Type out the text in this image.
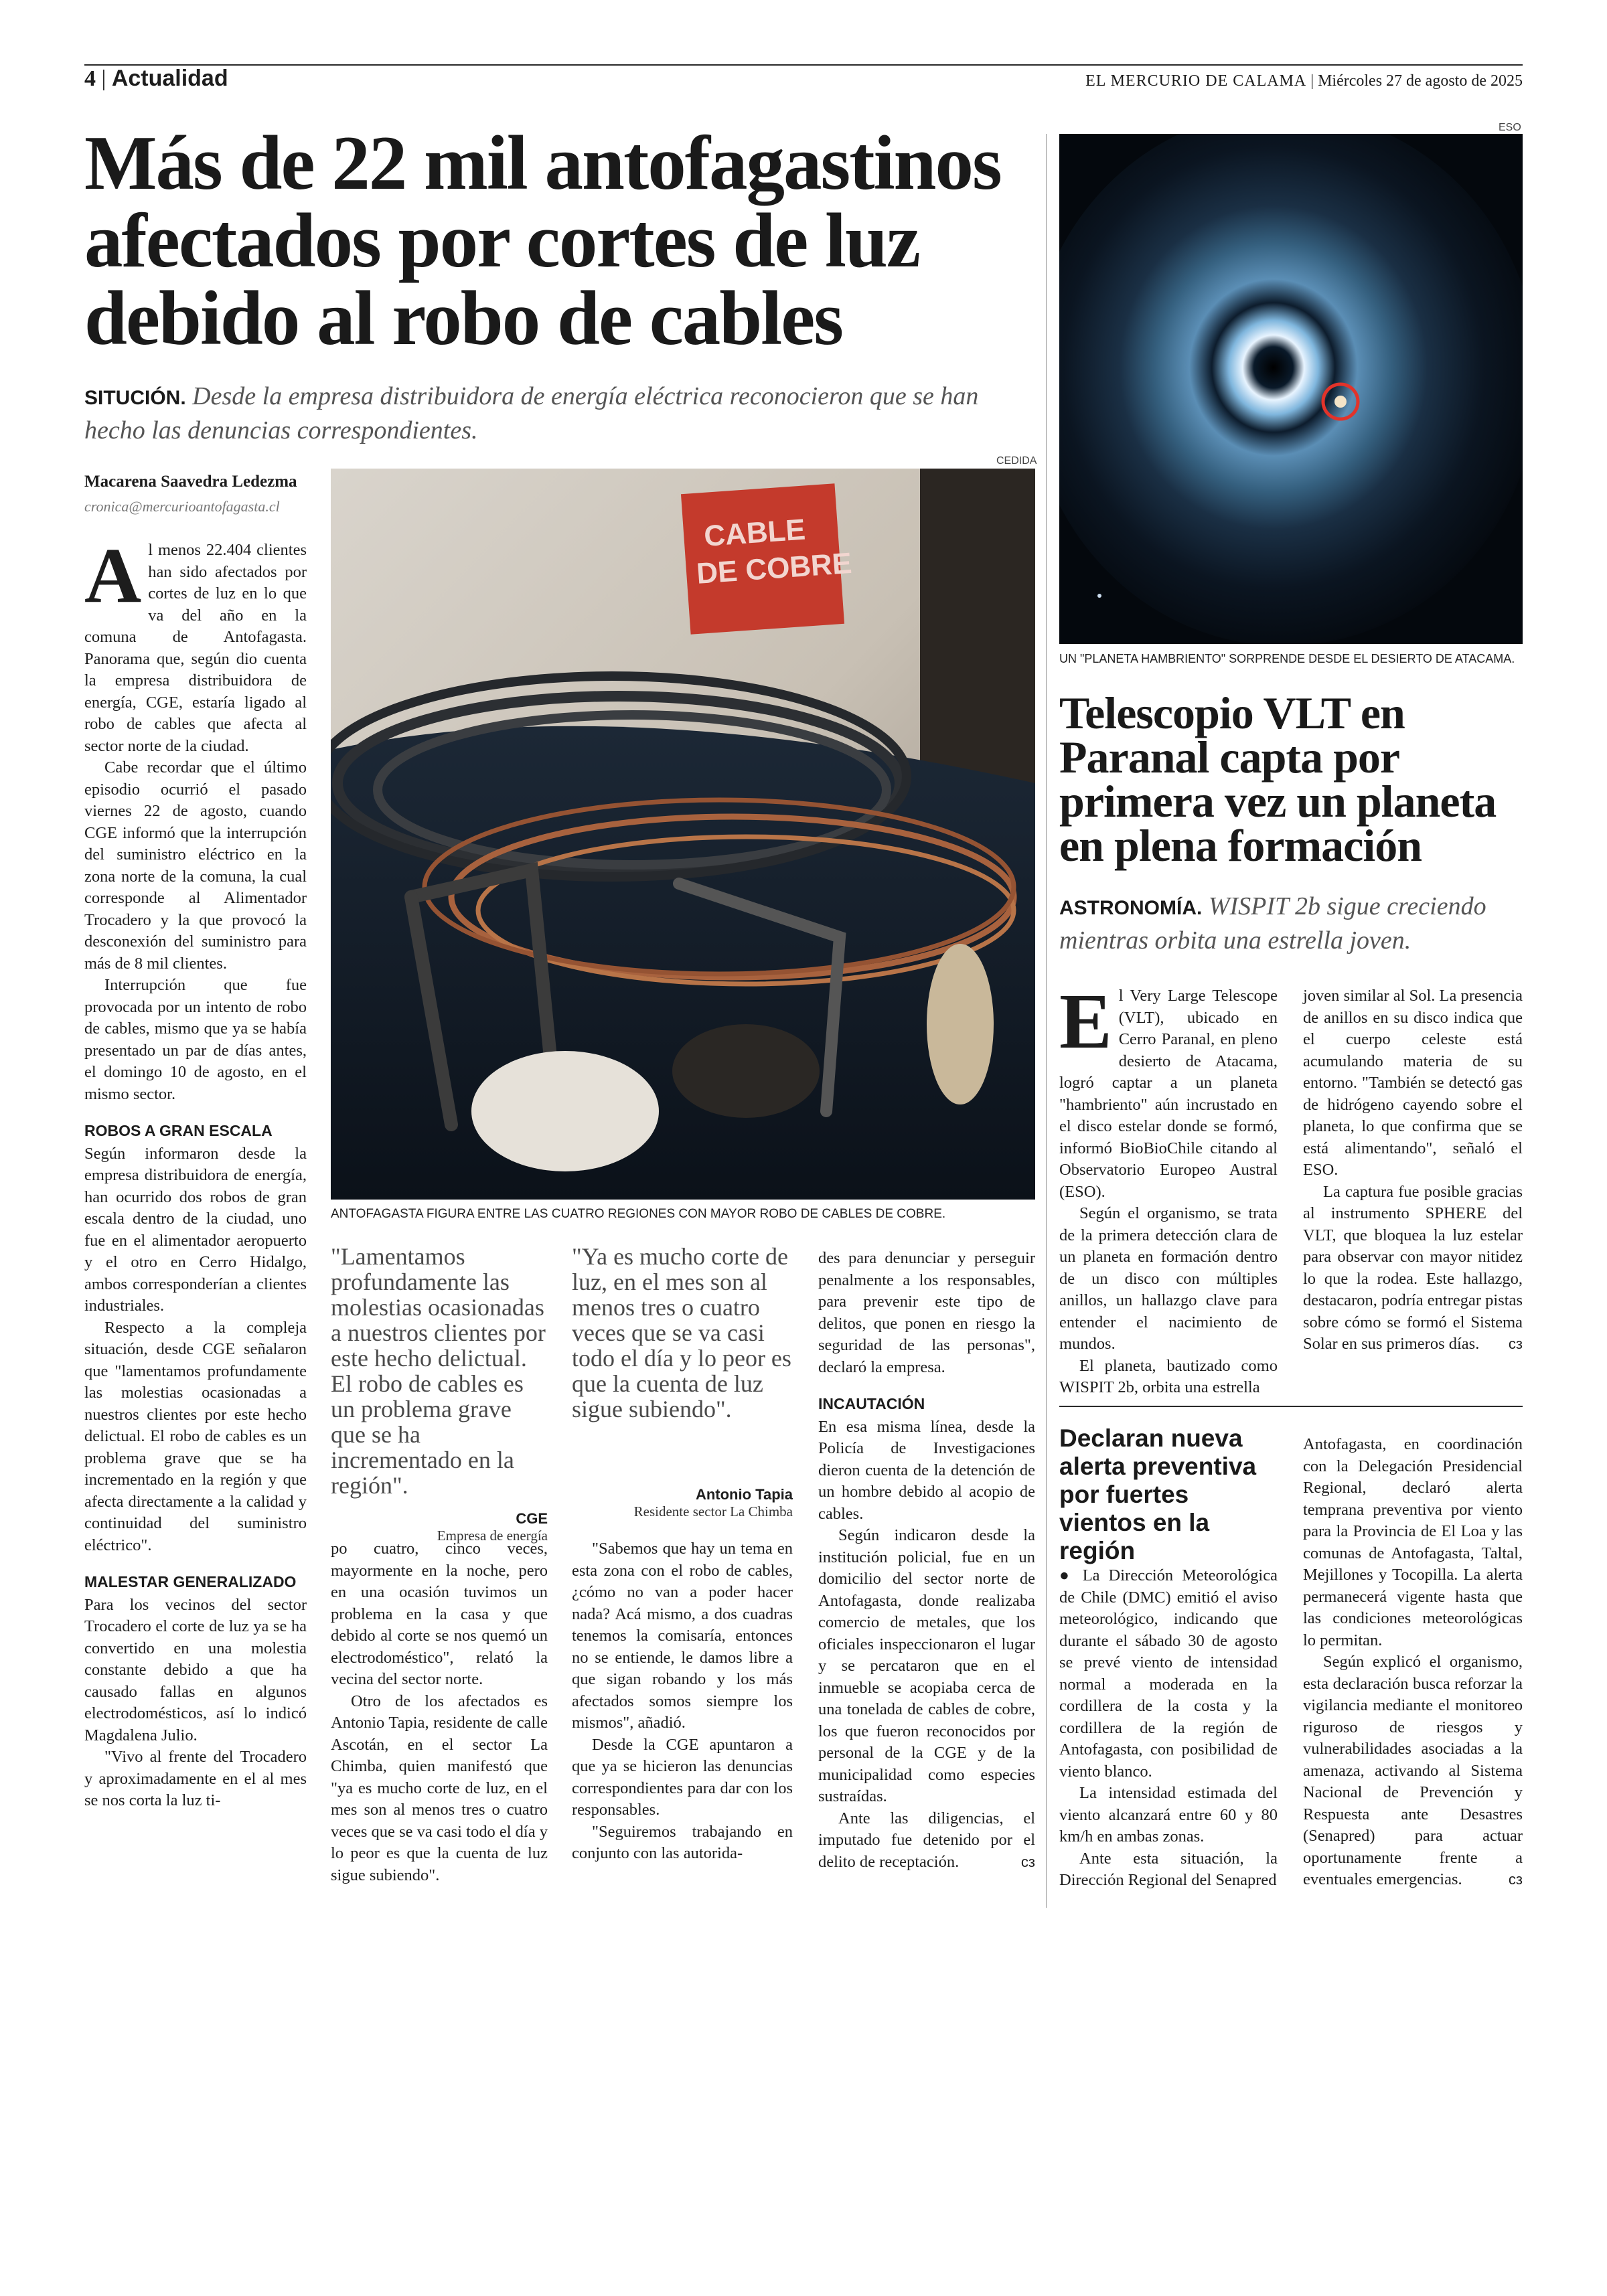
4 | Actualidad	EL MERCURIO DE CALAMA | Miércoles 27 de agosto de 2025
Más de 22 mil antofagastinos afectados por cortes de luz debido al robo de cables
SITUCIÓN. Desde la empresa distribuidora de energía eléctrica reconocieron que se han hecho las denuncias correspondientes.
Macarena Saavedra Ledezma
cronica@mercurioantofagasta.cl
CEDIDA
CABLE
DE COBRE
ANTOFAGASTA FIGURA ENTRE LAS CUATRO REGIONES CON MAYOR ROBO DE CABLES DE COBRE.

Al menos 22.404 clientes han sido afectados por cortes de luz en lo que va del año en la comuna de Antofagasta. Panorama que, según dio cuenta la empresa distribuidora de energía, CGE, estaría ligado al robo de cables que afecta al sector norte de la ciudad.

Cabe recordar que el último episodio ocurrió el pasado viernes 22 de agosto, cuando CGE informó que la interrupción del suministro eléctrico en la zona norte de la comuna, la cual corresponde al Alimentador Trocadero y la que provocó la desconexión del suministro para más de 8 mil clientes.

Interrupción que fue provocada por un intento de robo de cables, mismo que ya se había presentado un par de días antes, el domingo 10 de agosto, en el mismo sector.

ROBOS A GRAN ESCALA

Según informaron desde la empresa distribuidora de energía, han ocurrido dos robos de gran escala dentro de la ciudad, uno fue en el alimentador aeropuerto y el otro en Cerro Hidalgo, ambos corresponderían a clientes industriales.

Respecto a la compleja situación, desde CGE señalaron que "lamentamos profundamente las molestias ocasionadas a nuestros clientes por este hecho delictual. El robo de cables es un problema grave que se ha incrementado en la región y que afecta directamente a la calidad y continuidad del suministro eléctrico".

MALESTAR GENERALIZADO

Para los vecinos del sector Trocadero el corte de luz ya se ha convertido en una molestia constante debido a que ha causado fallas en algunos electrodomésticos, así lo indicó Magdalena Julio.

"Vivo al frente del Trocadero y aproximadamente en el al mes se nos corta la luz ti-

"Lamentamos profundamente las molestias ocasionadas a nuestros clientes por este hecho delictual. El robo de cables es un problema grave que se ha incrementado en la región".
CGE
Empresa de energía
"Ya es mucho corte de luz, en el mes son al menos tres o cuatro veces que se va casi todo el día y lo peor es que la cuenta de luz sigue subiendo".
Antonio Tapia
Residente sector La Chimba

po cuatro, cinco veces, mayormente en la noche, pero en una ocasión tuvimos un problema en la casa y que debido al corte se nos quemó un electrodoméstico", relató la vecina del sector norte.

Otro de los afectados es Antonio Tapia, residente de calle Ascotán, en el sector La Chimba, quien manifestó que "ya es mucho corte de luz, en el mes son al menos tres o cuatro veces que se va casi todo el día y lo peor es que la cuenta de luz sigue subiendo".

"Sabemos que hay un tema en esta zona con el robo de cables, ¿cómo no van a poder hacer nada? Acá mismo, a dos cuadras tenemos la comisaría, entonces no se entiende, le damos libre a que sigan robando y los más afectados somos siempre los mismos", añadió.

Desde la CGE apuntaron a que ya se hicieron las denuncias correspondientes para dar con los responsables.

"Seguiremos trabajando en conjunto con las autorida-

des para denunciar y perseguir penalmente a los responsables, para prevenir este tipo de delitos, que ponen en riesgo la seguridad de las personas", declaró la empresa.

INCAUTACIÓN

En esa misma línea, desde la Policía de Investigaciones dieron cuenta de la detención de un hombre debido al acopio de cables.

Según indicaron desde la institución policial, fue en un domicilio del sector norte de Antofagasta, donde realizaba comercio de metales, que los oficiales inspeccionaron el lugar y se percataron que en el inmueble se acopiaba cerca de una tonelada de cables de cobre, los que fueron reconocidos por personal de la CGE y de la municipalidad como especies sustraídas.

Ante las diligencias, el imputado fue detenido por el delito de receptación.	cз

ESO
UN "PLANETA HAMBRIENTO" SORPRENDE DESDE EL DESIERTO DE ATACAMA.
Telescopio VLT en Paranal capta por primera vez un planeta en plena formación
ASTRONOMÍA. WISPIT 2b sigue creciendo mientras orbita una estrella joven.

El Very Large Telescope (VLT), ubicado en Cerro Paranal, en pleno desierto de Atacama, logró captar a un planeta "hambriento" aún incrustado en el disco estelar donde se formó, informó BioBioChile citando al Observatorio Europeo Austral (ESO).

Según el organismo, se trata de la primera detección clara de un planeta en formación dentro de un disco con múltiples anillos, un hallazgo clave para entender el nacimiento de mundos.

El planeta, bautizado como WISPIT 2b, orbita una estrella

joven similar al Sol. La presencia de anillos en su disco indica que el cuerpo celeste está acumulando materia de su entorno. "También se detectó gas de hidrógeno cayendo sobre el planeta, lo que confirma que se está alimentando", señaló el ESO.

La captura fue posible gracias al instrumento SPHERE del VLT, que bloquea la luz estelar para observar con mayor nitidez lo que la rodea. Este hallazgo, destacaron, podría entregar pistas sobre cómo se formó el Sistema Solar en sus primeros días.	cз

Declaran nueva alerta preventiva por fuertes vientos en la región

● La Dirección Meteorológica de Chile (DMC) emitió el aviso meteorológico, indicando que durante el sábado 30 de agosto se prevé viento de intensidad normal a moderada en la cordillera de la costa y la cordillera de la región de Antofagasta, con posibilidad de viento blanco.

La intensidad estimada del viento alcanzará entre 60 y 80 km/h en ambas zonas.

Ante esta situación, la Dirección Regional del Senapred

Antofagasta, en coordinación con la Delegación Presidencial Regional, declaró alerta temprana preventiva por viento para la Provincia de El Loa y las comunas de Antofagasta, Taltal, Mejillones y Tocopilla. La alerta permanecerá vigente hasta que las condiciones meteorológicas lo permitan.

Según explicó el organismo, esta declaración busca reforzar la vigilancia mediante el monitoreo riguroso de riesgos y vulnerabilidades asociadas a la amenaza, activando al Sistema Nacional de Prevención y Respuesta ante Desastres (Senapred) para actuar oportunamente frente a eventuales emergencias.	cз
